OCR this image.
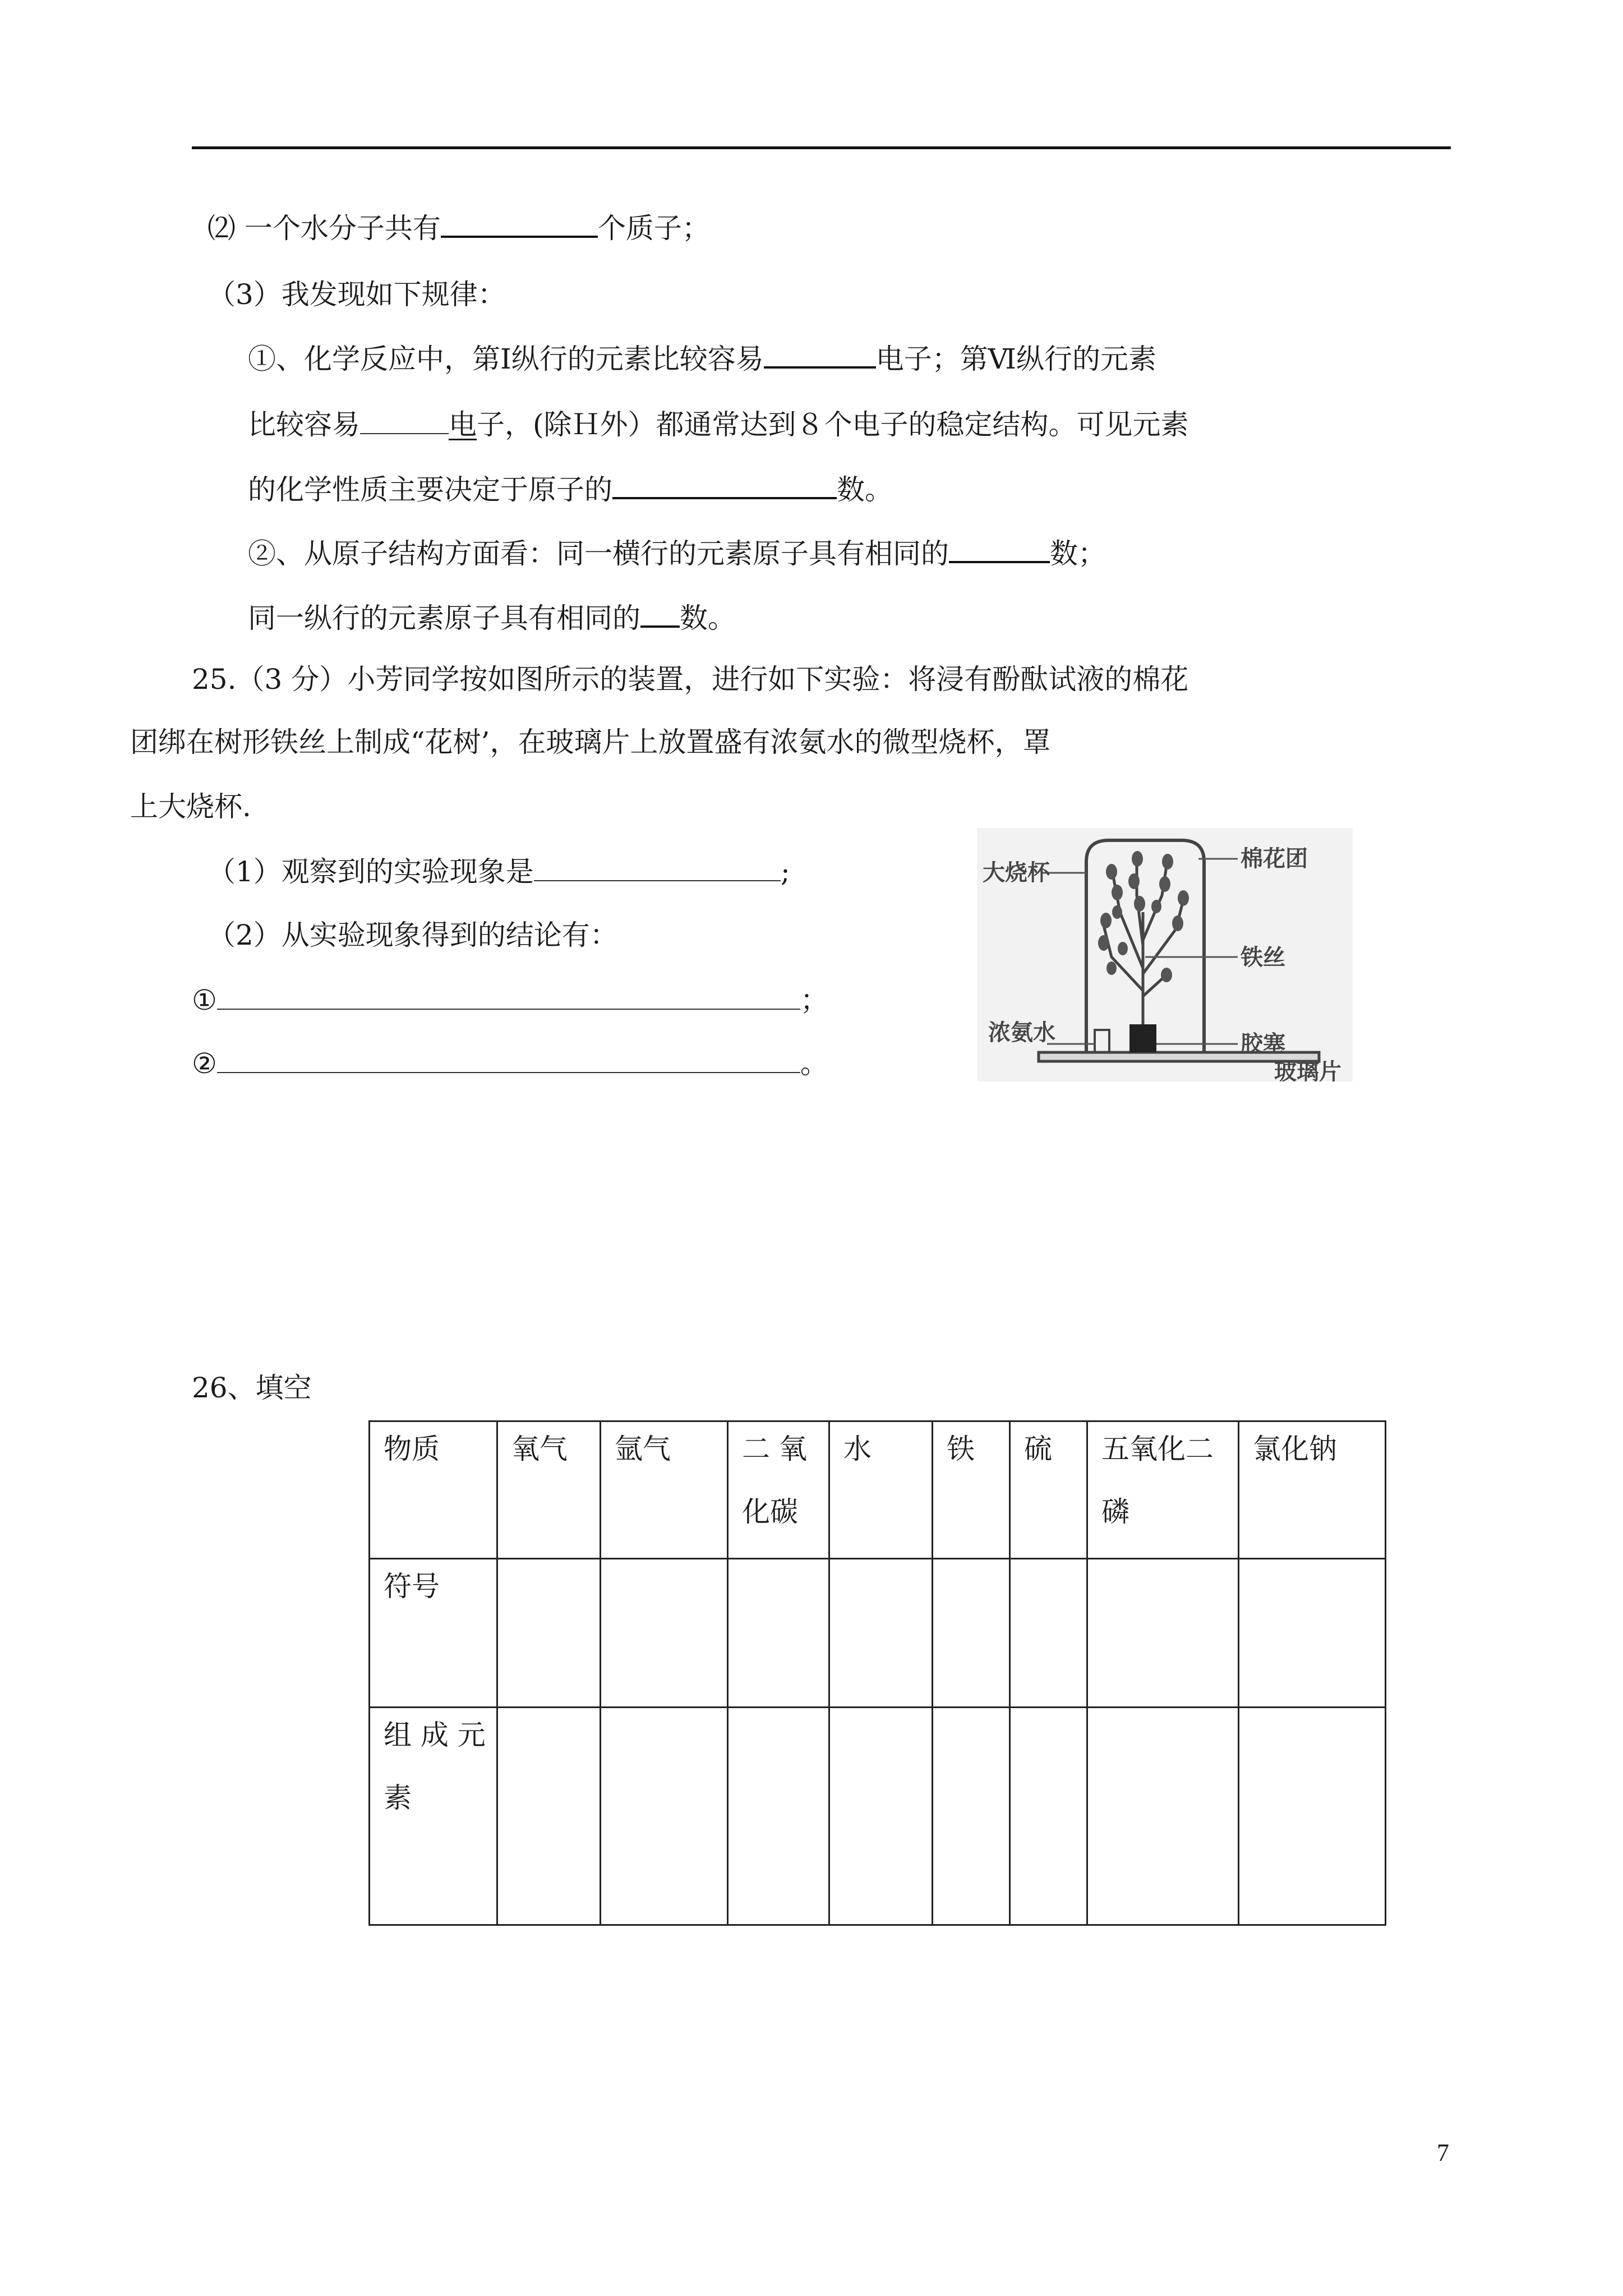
⑵ 一个水分子共有	个质子；
（3）我发现如下规律：
①、化学反应中，第Ⅰ纵行的元素比较容易	电子；第Ⅵ纵行的元素
比较容易	电子，(除Ｈ外）都通常达到８个电子的稳定结构。可见元素
的化学性质主要决定于原子的	数。
②、从原子结构方面看：同一横行的元素原子具有相同的	数；
同一纵行的元素原子具有相同的 数。
25.（3 分）小芳同学按如图所示的装置，进行如下实验：将浸有酚酞试液的棉花
团绑在树形铁丝上制成“花树’，在玻璃片上放置盛有浓氨水的微型烧杯，罩
上大烧杯.
（1）观察到的实验现象是	;
（2）从实验现象得到的结论有：
①	；
②	。
大烧杯
棉花团
铁丝
浓氨水	胶塞
玻璃片
26、填空
物质	氧气	氩气	二 氧 化碳	水	铁	硫	五氧化二磷	氯化钠

符号								

组 成 元 素								

7
